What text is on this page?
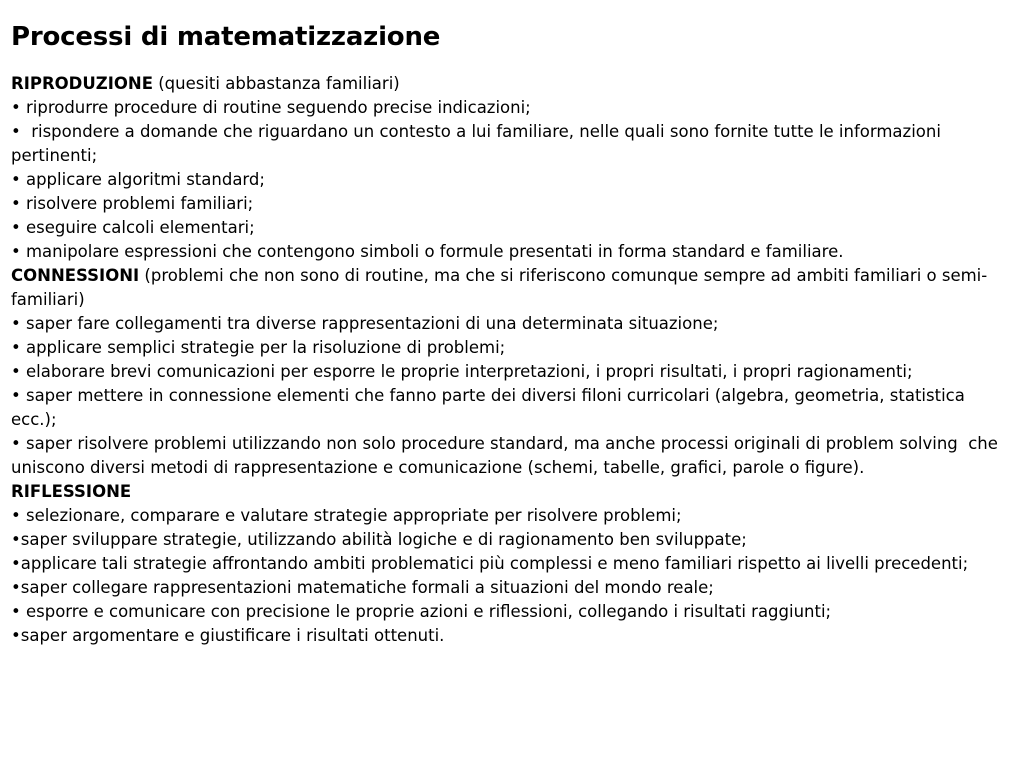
Processi di matematizzazione

RIPRODUZIONE (quesiti abbastanza familiari)

• riprodurre procedure di routine seguendo precise indicazioni;
•  rispondere a domande che riguardano un contesto a lui familiare, nelle quali sono fornite tutte le informazioni pertinenti;
• applicare algoritmi standard;
• risolvere problemi familiari;
• eseguire calcoli elementari;
• manipolare espressioni che contengono simboli o formule presentati in forma standard e familiare.

CONNESSIONI (problemi che non sono di routine, ma che si riferiscono comunque sempre ad ambiti familiari o semi-familiari)

• saper fare collegamenti tra diverse rappresentazioni di una determinata situazione;
• applicare semplici strategie per la risoluzione di problemi;
• elaborare brevi comunicazioni per esporre le proprie interpretazioni, i propri risultati, i propri ragionamenti;
• saper mettere in connessione elementi che fanno parte dei diversi filoni curricolari (algebra, geometria, statistica ecc.);
• saper risolvere problemi utilizzando non solo procedure standard, ma anche processi originali di problem solving  che uniscono diversi metodi di rappresentazione e comunicazione (schemi, tabelle, grafici, parole o figure).

RIFLESSIONE

• selezionare, comparare e valutare strategie appropriate per risolvere problemi;
•saper sviluppare strategie, utilizzando abilità logiche e di ragionamento ben sviluppate;
•applicare tali strategie affrontando ambiti problematici più complessi e meno familiari rispetto ai livelli precedenti;
•saper collegare rappresentazioni matematiche formali a situazioni del mondo reale;
• esporre e comunicare con precisione le proprie azioni e riflessioni, collegando i risultati raggiunti;
•saper argomentare e giustificare i risultati ottenuti.
